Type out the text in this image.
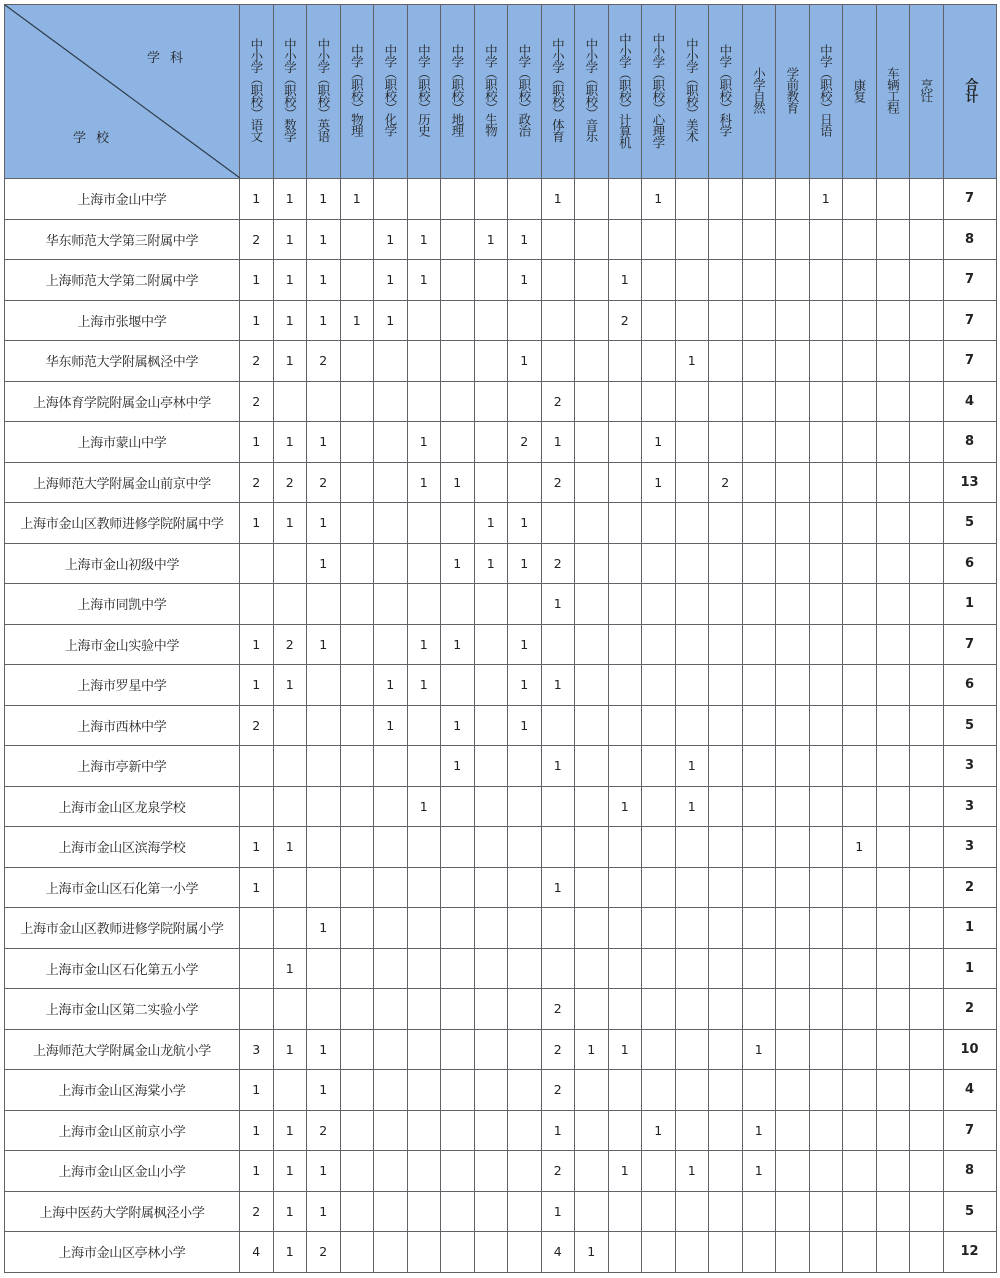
学科
学校	中小学（职校）语文	中小学（职校）数学	中小学（职校）英语	中学（职校）物理	中学（职校）化学	中学（职校）历史	中学（职校）地理	中学（职校）生物	中学（职校）政治	中小学（职校）体育	中小学（职校）音乐	中小学（职校）计算机	中小学（职校）心理学	中小学（职校）美术	中学（职校）科学	小学自然	学前教育	中学（职校）日语	康复	车辆工程	烹饪	合计
上海市金山中学	1	1	1	1						1			1					1				7
华东师范大学第三附属中学	2	1	1		1	1		1	1													8
上海师范大学第二附属中学	1	1	1		1	1			1			1										7
上海市张堰中学	1	1	1	1	1							2										7
华东师范大学附属枫泾中学	2	1	2						1					1								7
上海体育学院附属金山亭林中学	2									2												4
上海市蒙山中学	1	1	1			1			2	1			1									8
上海师范大学附属金山前京中学	2	2	2			1	1			2			1		2							13
上海市金山区教师进修学院附属中学	1	1	1					1	1													5
上海市金山初级中学			1				1	1	1	2												6
上海市同凯中学										1												1
上海市金山实验中学	1	2	1			1	1		1													7
上海市罗星中学	1	1			1	1			1	1												6
上海市西林中学	2				1		1		1													5
上海市亭新中学							1			1				1								3
上海市金山区龙泉学校						1						1		1								3
上海市金山区滨海学校	1	1																	1			3
上海市金山区石化第一小学	1									1												2
上海市金山区教师进修学院附属小学			1																			1
上海市金山区石化第五小学		1																				1
上海市金山区第二实验小学										2												2
上海师范大学附属金山龙航小学	3	1	1							2	1	1				1						10
上海市金山区海棠小学	1		1							2												4
上海市金山区前京小学	1	1	2							1			1			1						7
上海市金山区金山小学	1	1	1							2		1		1		1						8
上海中医药大学附属枫泾小学	2	1	1							1												5
上海市金山区亭林小学	4	1	2							4	1											12
